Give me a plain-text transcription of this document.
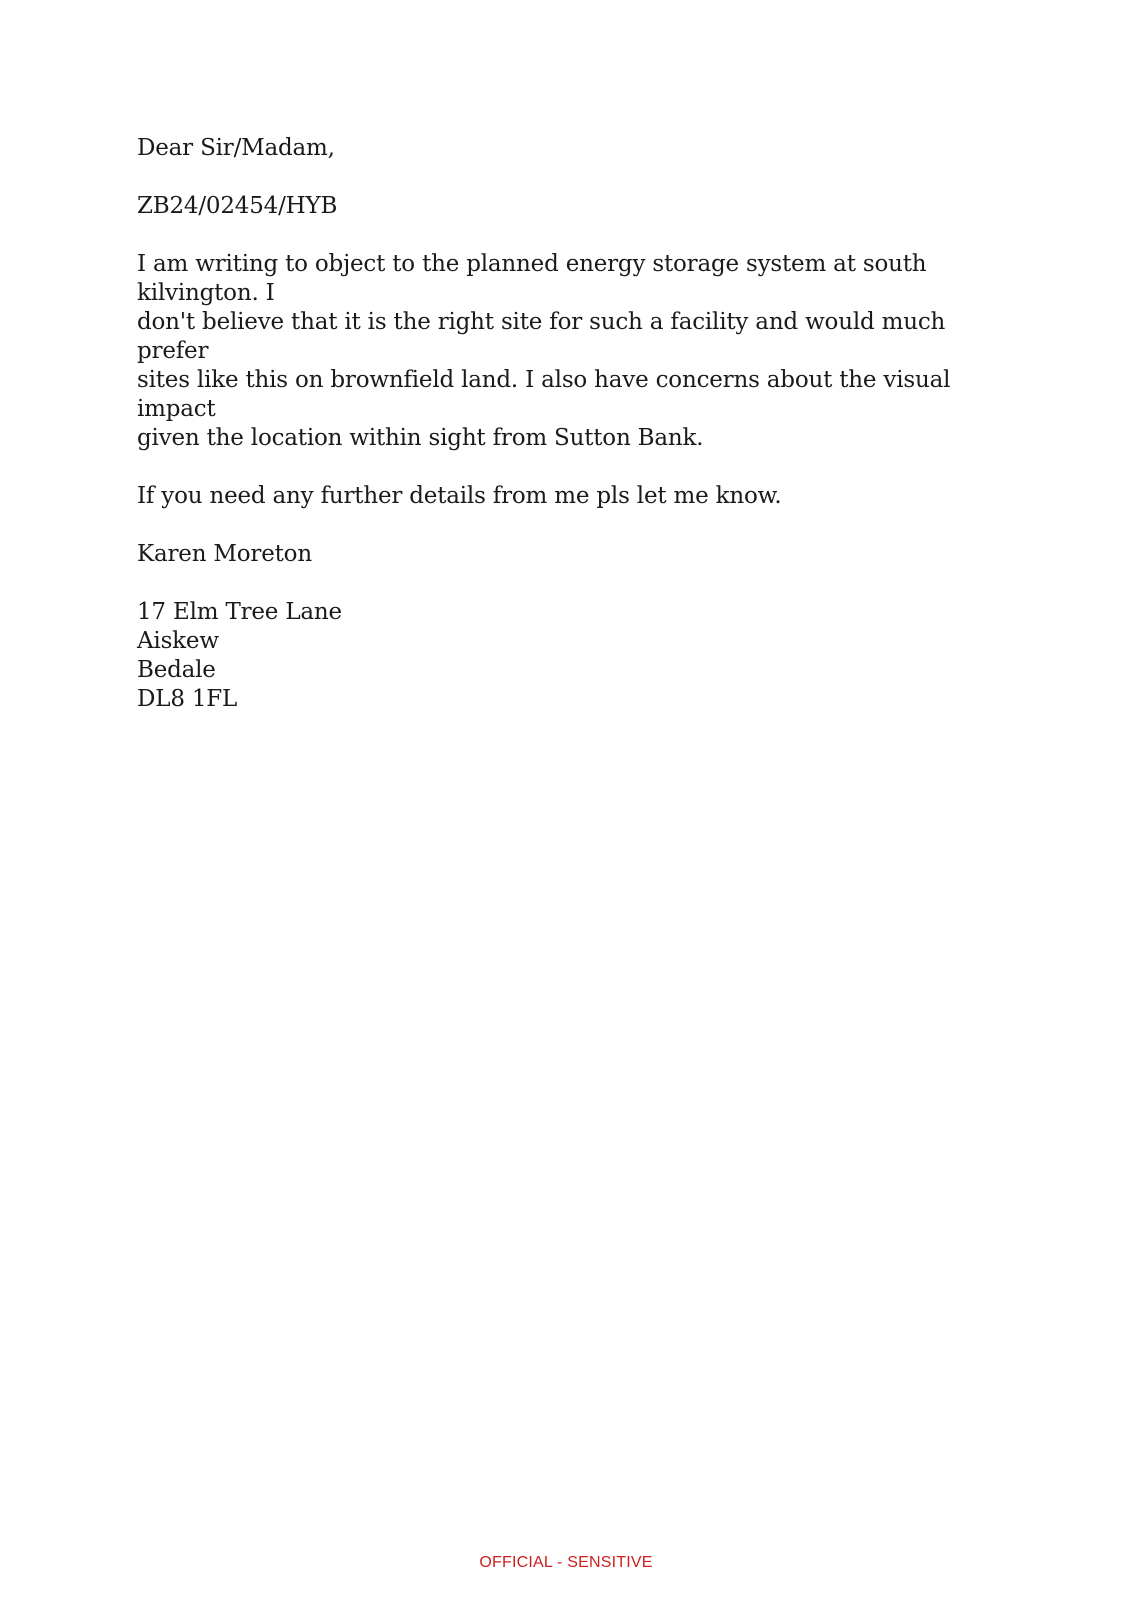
Dear Sir/Madam,

ZB24/02454/HYB

I am writing to object to the planned energy storage system at south kilvington. I
don't believe that it is the right site for such a facility and would much prefer
sites like this on brownfield land. I also have concerns about the visual impact
given the location within sight from Sutton Bank.

If you need any further details from me pls let me know.

Karen Moreton

17 Elm Tree Lane
Aiskew
Bedale
DL8 1FL

OFFICIAL - SENSITIVE
